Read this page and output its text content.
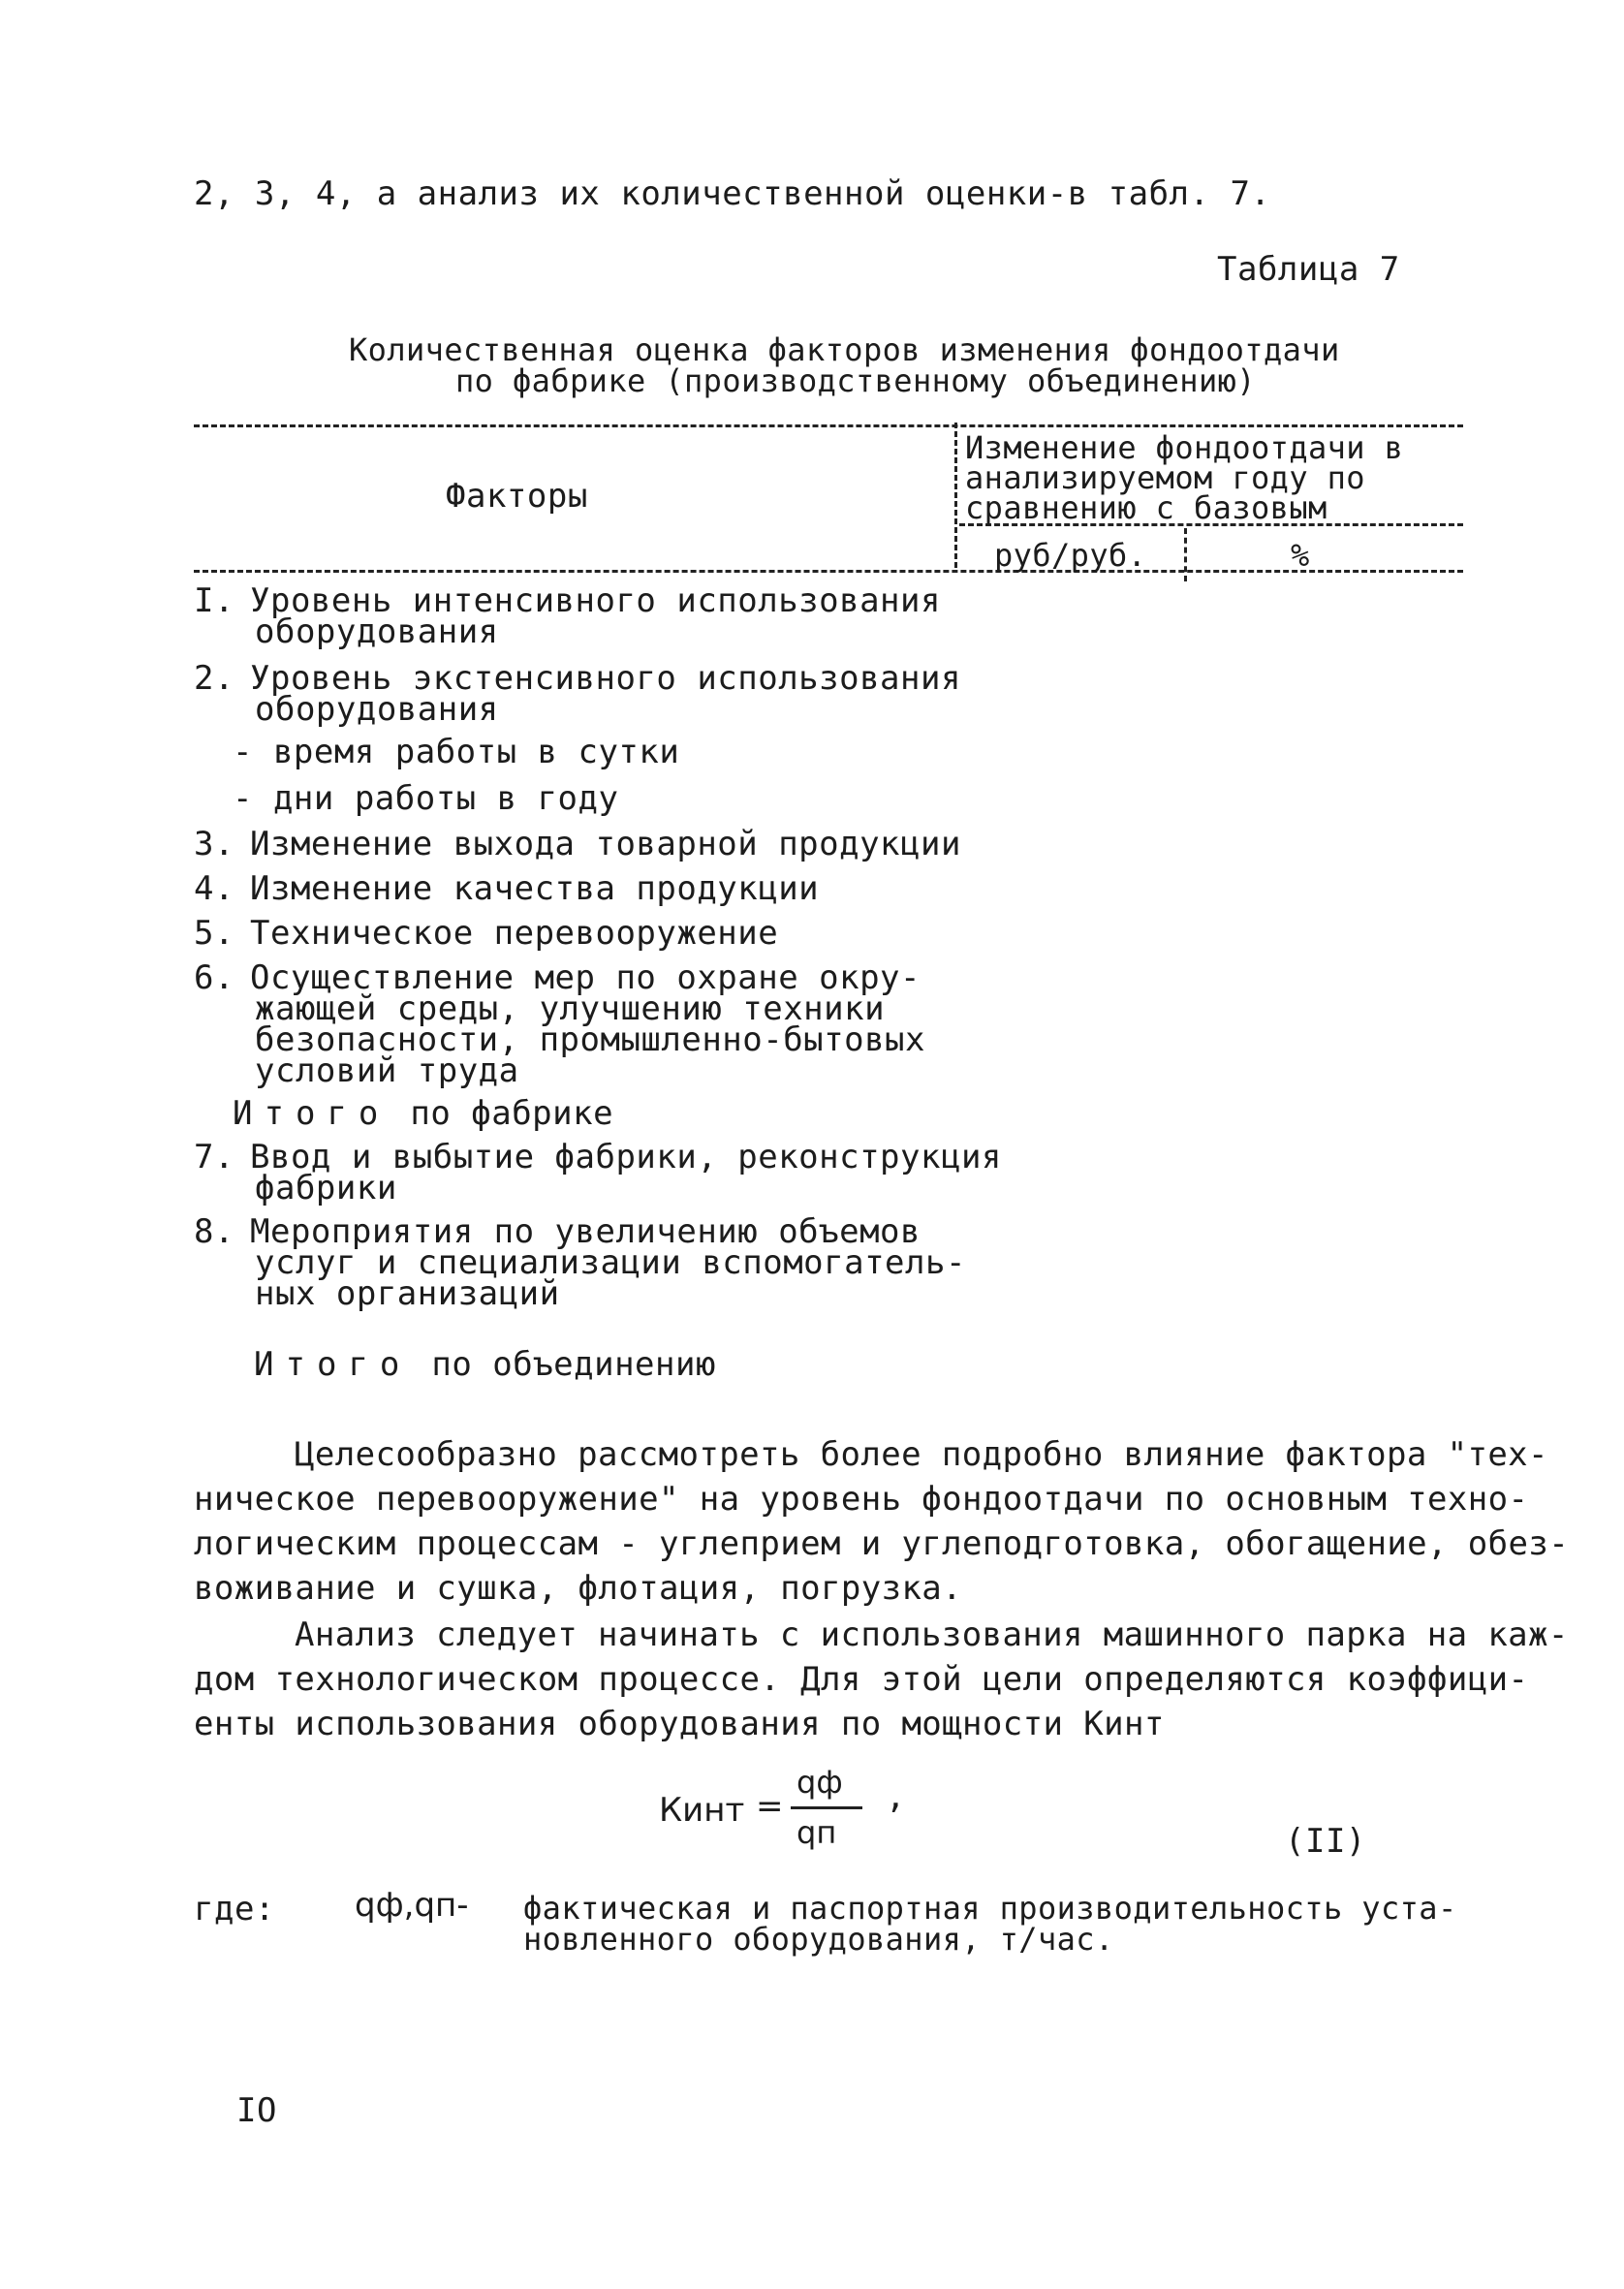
2, 3, 4, а анализ их количественной оценки-в табл. 7.
Таблица 7
Количественная оценка факторов изменения фондоотдачи
по фабрике (производственному объединению)
Факторы
Изменение фондоотдачи в
анализируемом году по
сравнению с базовым
руб/руб.	%
I. Уровень интенсивного использования
оборудования
2. Уровень экстенсивного использования
оборудования
- время работы в сутки
- дни работы в году
3. Изменение выхода товарной продукции
4. Изменение качества продукции
5. Техническое перевооружение
6. Осуществление мер по охране окру-
жающей среды, улучшению техники
безопасности, промышленно-бытовых
условий труда
Итого по фабрике
7. Ввод и выбытие фабрики, реконструкция
фабрики
8. Мероприятия по увеличению объемов
услуг и специализации вспомогатель-
ных организаций
Итого по объединению
Целесообразно рассмотреть более подробно влияние фактора "тех-
ническое перевооружение" на уровень фондоотдачи по основным техно-
логическим процессам - углеприем и углеподготовка, обогащение, обез-
воживание и сушка, флотация, погрузка.
Анализ следует начинать с использования машинного парка на каж-
дом технологическом процессе. Для этой цели определяются коэффици-
енты использования оборудования по мощности Кинт
Кинт =
qф
qп
,
(II)
где: qф,qп- фактическая и паспортная производительность уста-
новленного оборудования, т/час.
IO
